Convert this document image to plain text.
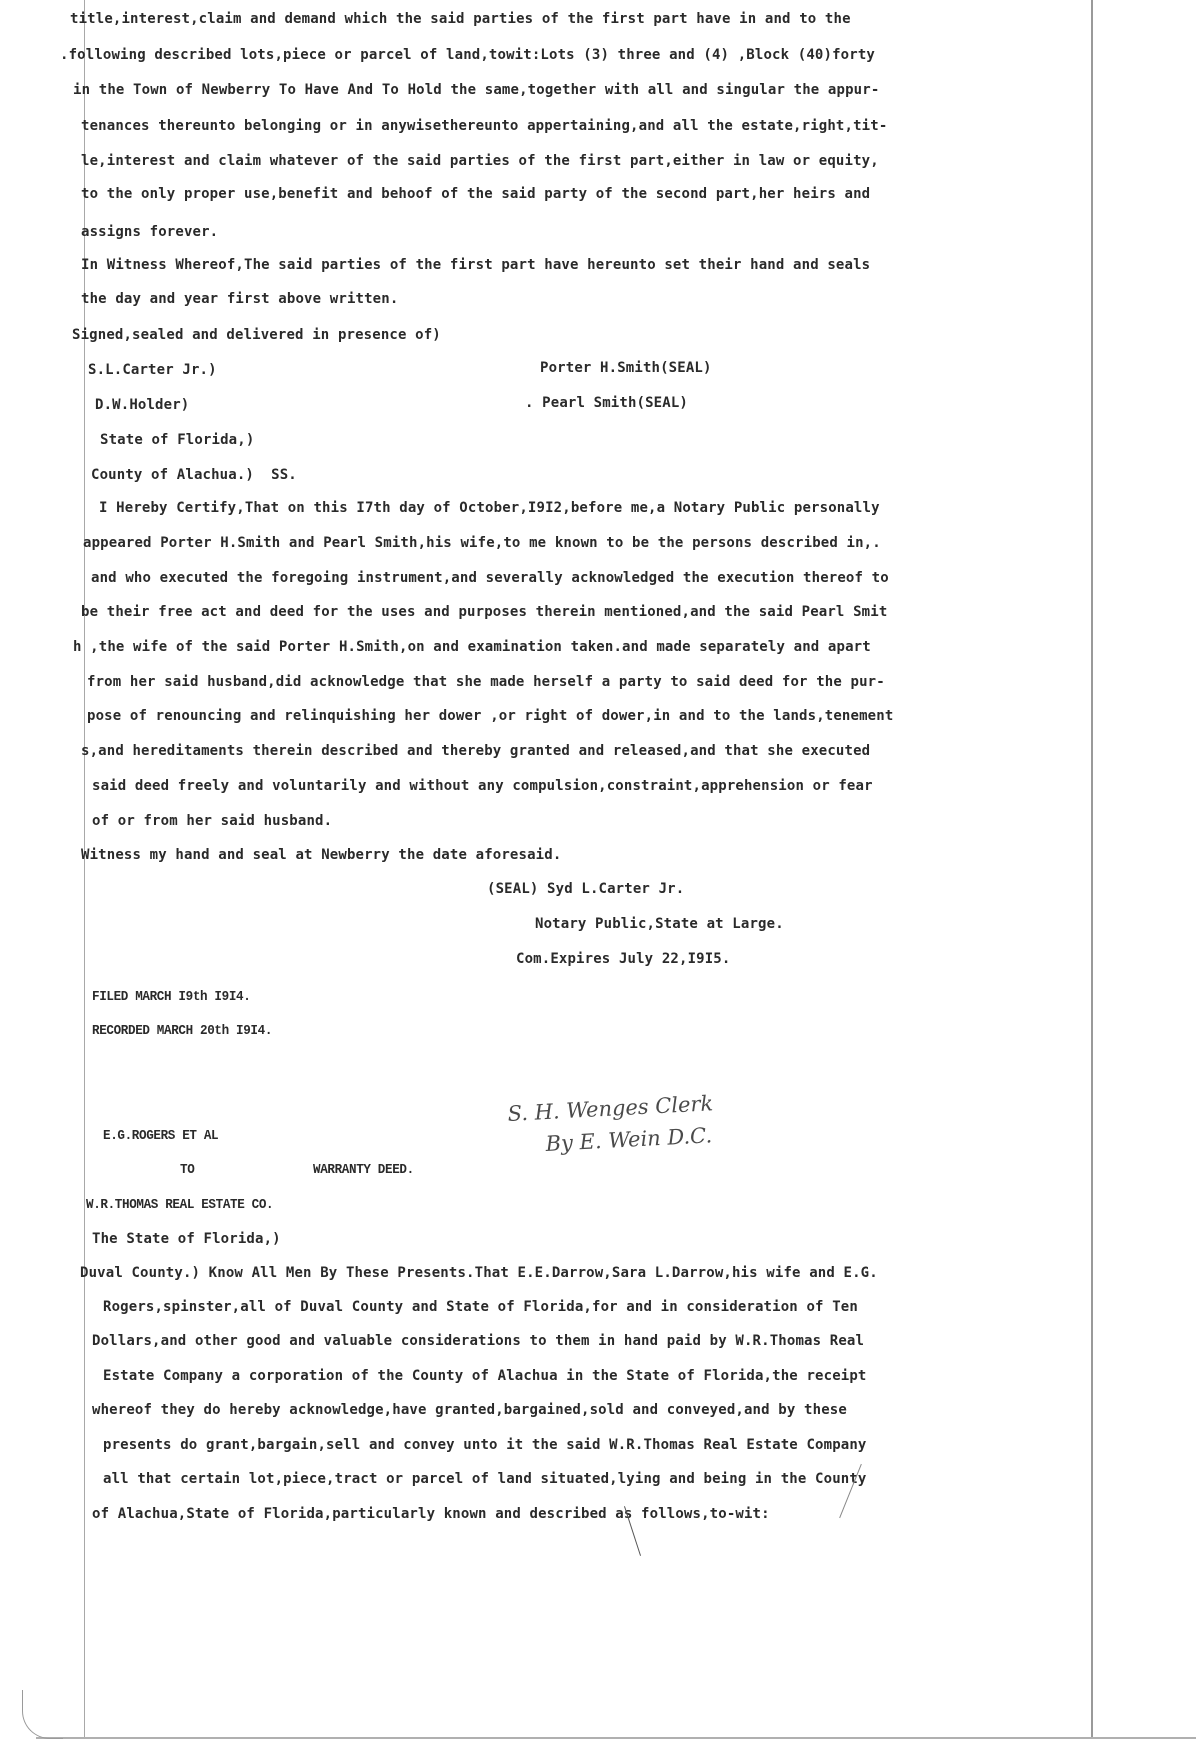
title,interest,claim and demand which the said parties of the first part have in and to the
.following described lots,piece or parcel of land,towit:Lots (3) three and (4) ,Block (40)forty
in the Town of Newberry To Have And To Hold the same,together with all and singular the appur-
tenances thereunto belonging or in anywisethereunto appertaining,and all the estate,right,tit-
le,interest and claim whatever of the said parties of the first part,either in law or equity,
to the only proper use,benefit and behoof of the said party of the second part,her heirs and
assigns forever.
In Witness Whereof,The said parties of the first part have hereunto set their hand and seals
the day and year first above written.
Signed,sealed and delivered in presence of)
S.L.Carter Jr.)
D.W.Holder)
Porter H.Smith(SEAL)
. Pearl Smith(SEAL)
State of Florida,)
County of Alachua.)  SS.
I Hereby Certify,That on this I7th day of October,I9I2,before me,a Notary Public personally
appeared Porter H.Smith and Pearl Smith,his wife,to me known to be the persons described in,.
and who executed the foregoing instrument,and severally acknowledged the execution thereof to
be their free act and deed for the uses and purposes therein mentioned,and the said Pearl Smit
h ,the wife of the said Porter H.Smith,on and examination taken.and made separately and apart
from her said husband,did acknowledge that she made herself a party to said deed for the pur-
pose of renouncing and relinquishing her dower ,or right of dower,in and to the lands,tenement
s,and hereditaments therein described and thereby granted and released,and that she executed
said deed freely and voluntarily and without any compulsion,constraint,apprehension or fear
of or from her said husband.
Witness my hand and seal at Newberry the date aforesaid.
(SEAL) Syd L.Carter Jr.
Notary Public,State at Large.
Com.Expires July 22,I9I5.
FILED MARCH I9th I9I4.
RECORDED MARCH 20th I9I4.
S. H. Wenges Clerk
By E. Wein D.C.
E.G.ROGERS ET AL
TO	WARRANTY DEED.
W.R.THOMAS REAL ESTATE CO.
The State of Florida,)
Duval County.) Know All Men By These Presents.That E.E.Darrow,Sara L.Darrow,his wife and E.G.
Rogers,spinster,all of Duval County and State of Florida,for and in consideration of Ten
Dollars,and other good and valuable considerations to them in hand paid by W.R.Thomas Real
Estate Company a corporation of the County of Alachua in the State of Florida,the receipt
whereof they do hereby acknowledge,have granted,bargained,sold and conveyed,and by these
presents do grant,bargain,sell and convey unto it the said W.R.Thomas Real Estate Company
all that certain lot,piece,tract or parcel of land situated,lying and being in the County
of Alachua,State of Florida,particularly known and described as follows,to-wit:
